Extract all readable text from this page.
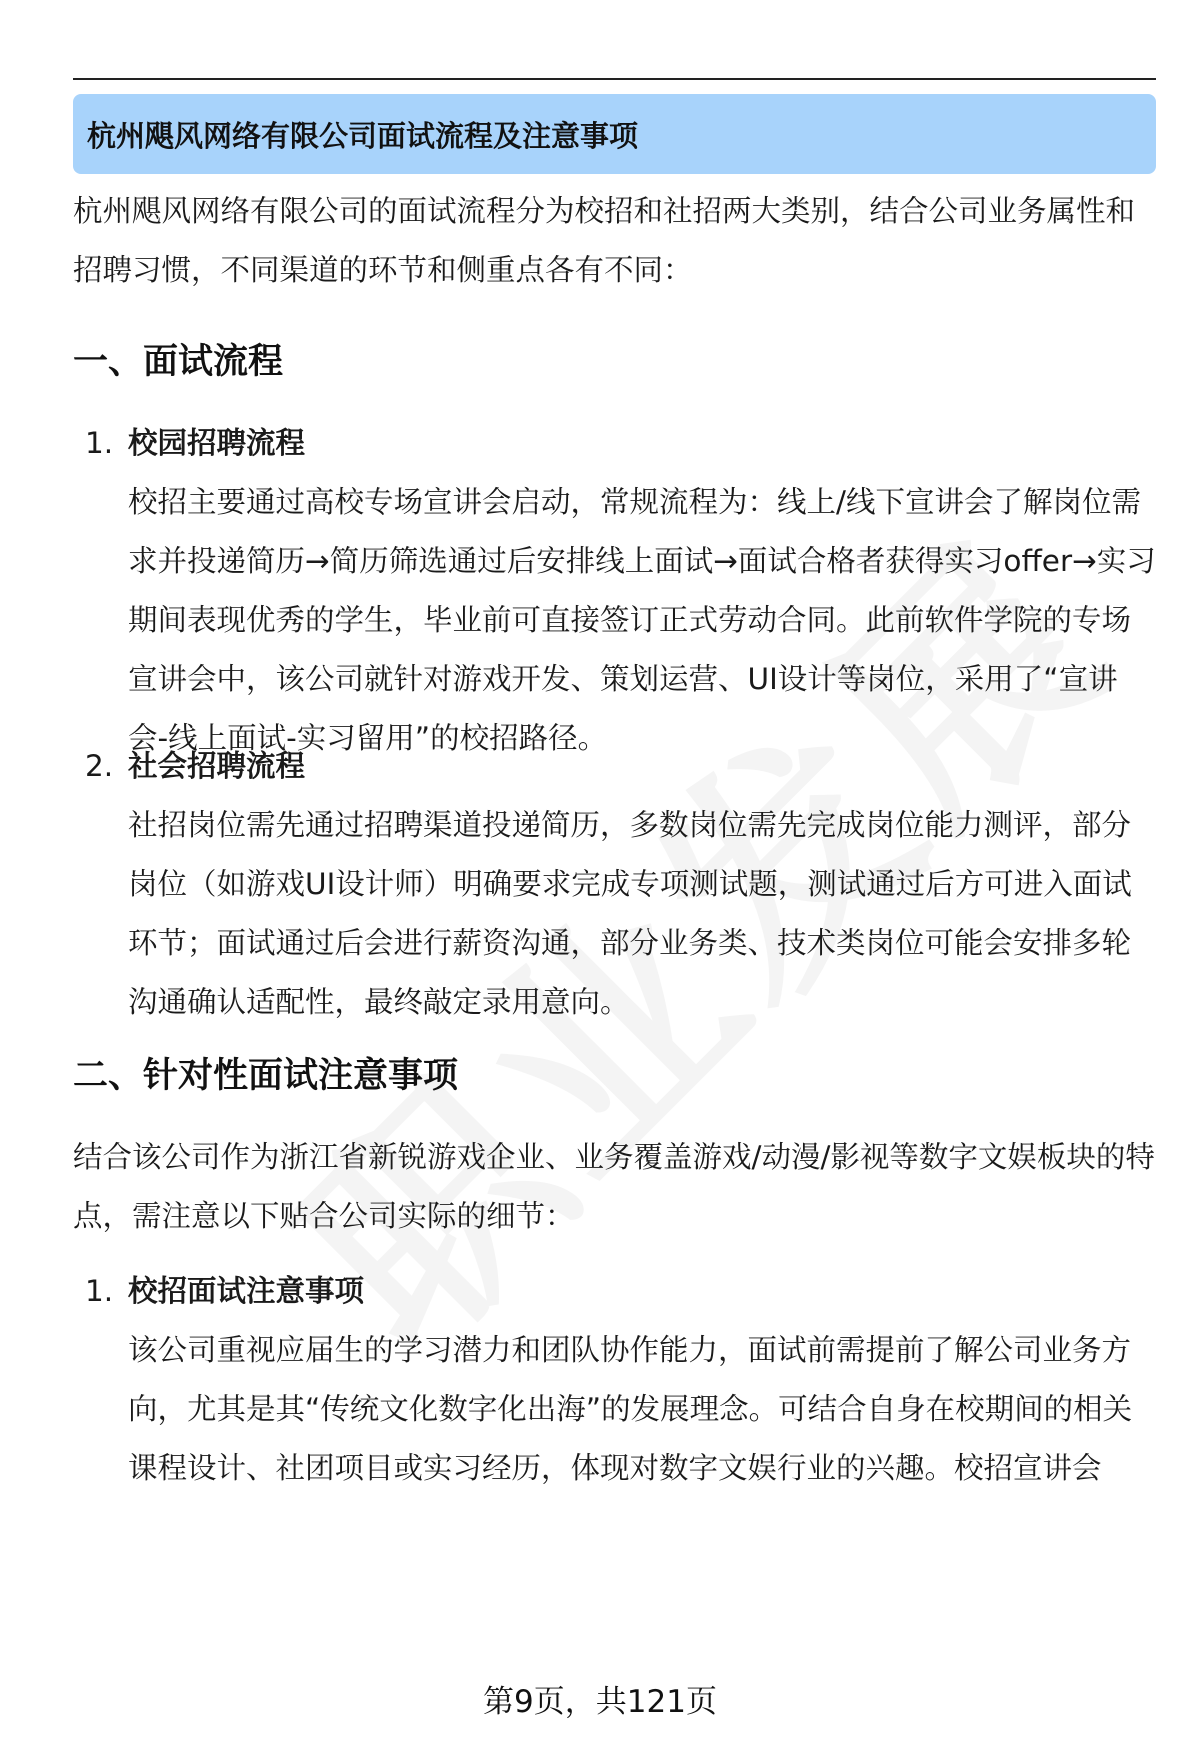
杭州飓风网络有限公司面试流程及注意事项
杭州飓风网络有限公司的面试流程分为校招和社招两大类别，结合公司业务属性和招聘习惯，不同渠道的环节和侧重点各有不同：
一、面试流程
1. 校园招聘流程
校招主要通过高校专场宣讲会启动，常规流程为：线上/线下宣讲会了解岗位需求并投递简历→简历筛选通过后安排线上面试→面试合格者获得实习offer→实习期间表现优秀的学生，毕业前可直接签订正式劳动合同。此前软件学院的专场宣讲会中，该公司就针对游戏开发、策划运营、UI设计等岗位，采用了“宣讲会-线上面试-实习留用”的校招路径。
2. 社会招聘流程
社招岗位需先通过招聘渠道投递简历，多数岗位需先完成岗位能力测评，部分岗位（如游戏UI设计师）明确要求完成专项测试题，测试通过后方可进入面试环节；面试通过后会进行薪资沟通，部分业务类、技术类岗位可能会安排多轮沟通确认适配性，最终敲定录用意向。
二、针对性面试注意事项
结合该公司作为浙江省新锐游戏企业、业务覆盖游戏/动漫/影视等数字文娱板块的特点，需注意以下贴合公司实际的细节：
1. 校招面试注意事项
该公司重视应届生的学习潜力和团队协作能力，面试前需提前了解公司业务方向，尤其是其“传统文化数字化出海”的发展理念。可结合自身在校期间的相关课程设计、社团项目或实习经历，体现对数字文娱行业的兴趣。校招宣讲会
第9页，共121页
